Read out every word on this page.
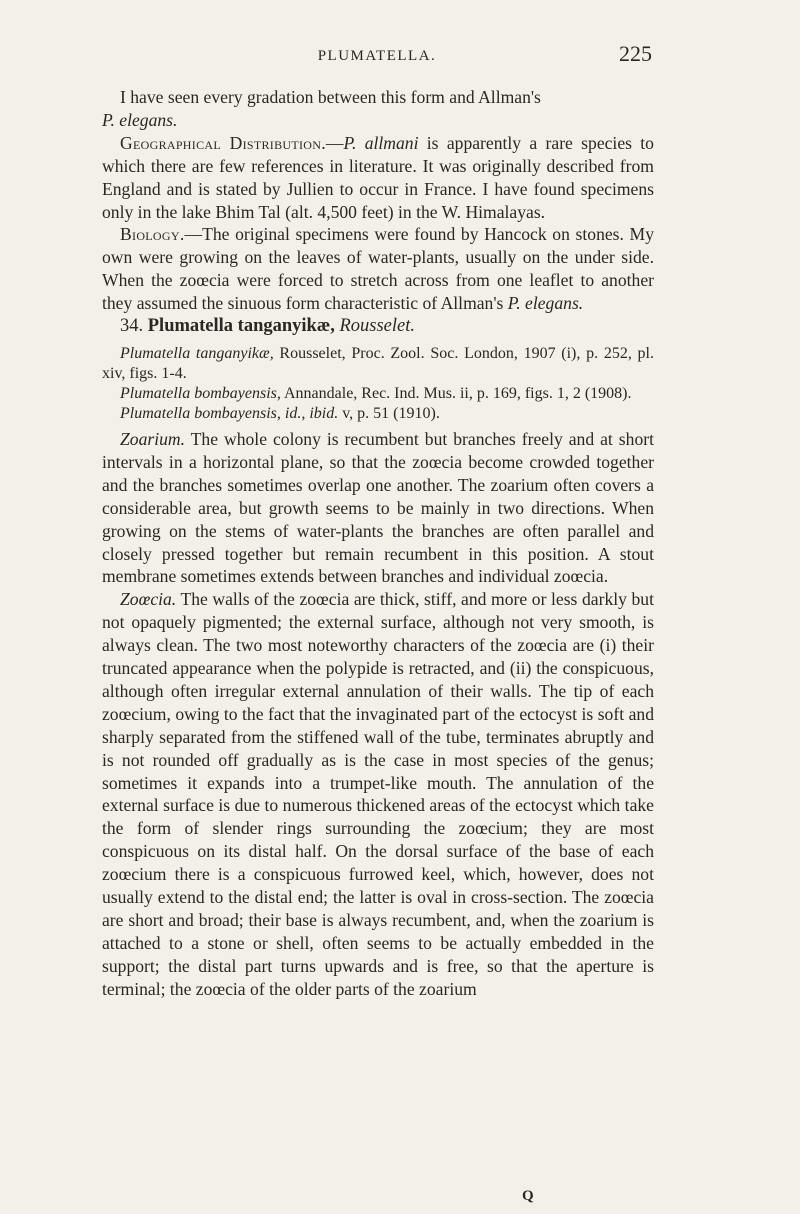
PLUMATELLA.	225

I have seen every gradation between this form and Allman's
P. elegans.

Geographical Distribution.—P. allmani is apparently a rare species to which there are few references in literature. It was originally described from England and is stated by Jullien to occur in France. I have found specimens only in the lake Bhim Tal (alt. 4,500 feet) in the W. Himalayas.

Biology.—The original specimens were found by Hancock on stones. My own were growing on the leaves of water-plants, usually on the under side. When the zoœcia were forced to stretch across from one leaflet to another they assumed the sinuous form characteristic of Allman's P. elegans.

34. Plumatella tanganyikæ, Rousselet.

Plumatella tanganyikæ, Rousselet, Proc. Zool. Soc. London, 1907 (i), p. 252, pl. xiv, figs. 1-4.

Plumatella bombayensis, Annandale, Rec. Ind. Mus. ii, p. 169, figs. 1, 2 (1908).

Plumatella bombayensis, id., ibid. v, p. 51 (1910).

Zoarium. The whole colony is recumbent but branches freely and at short intervals in a horizontal plane, so that the zoœcia become crowded together and the branches sometimes overlap one another. The zoarium often covers a considerable area, but growth seems to be mainly in two directions. When growing on the stems of water-plants the branches are often parallel and closely pressed together but remain recumbent in this position. A stout membrane sometimes extends between branches and individual zoœcia.

Zoœcia. The walls of the zoœcia are thick, stiff, and more or less darkly but not opaquely pigmented; the external surface, although not very smooth, is always clean. The two most noteworthy characters of the zoœcia are (i) their truncated appearance when the polypide is retracted, and (ii) the conspicuous, although often irregular external annulation of their walls. The tip of each zoœcium, owing to the fact that the invaginated part of the ectocyst is soft and sharply separated from the stiffened wall of the tube, terminates abruptly and is not rounded off gradually as is the case in most species of the genus; sometimes it expands into a trumpet-like mouth. The annulation of the external surface is due to numerous thickened areas of the ectocyst which take the form of slender rings surrounding the zoœcium; they are most conspicuous on its distal half. On the dorsal surface of the base of each zoœcium there is a conspicuous furrowed keel, which, however, does not usually extend to the distal end; the latter is oval in cross-section. The zoœcia are short and broad; their base is always recumbent, and, when the zoarium is attached to a stone or shell, often seems to be actually embedded in the support; the distal part turns upwards and is free, so that the aperture is terminal; the zoœcia of the older parts of the zoarium

Q
